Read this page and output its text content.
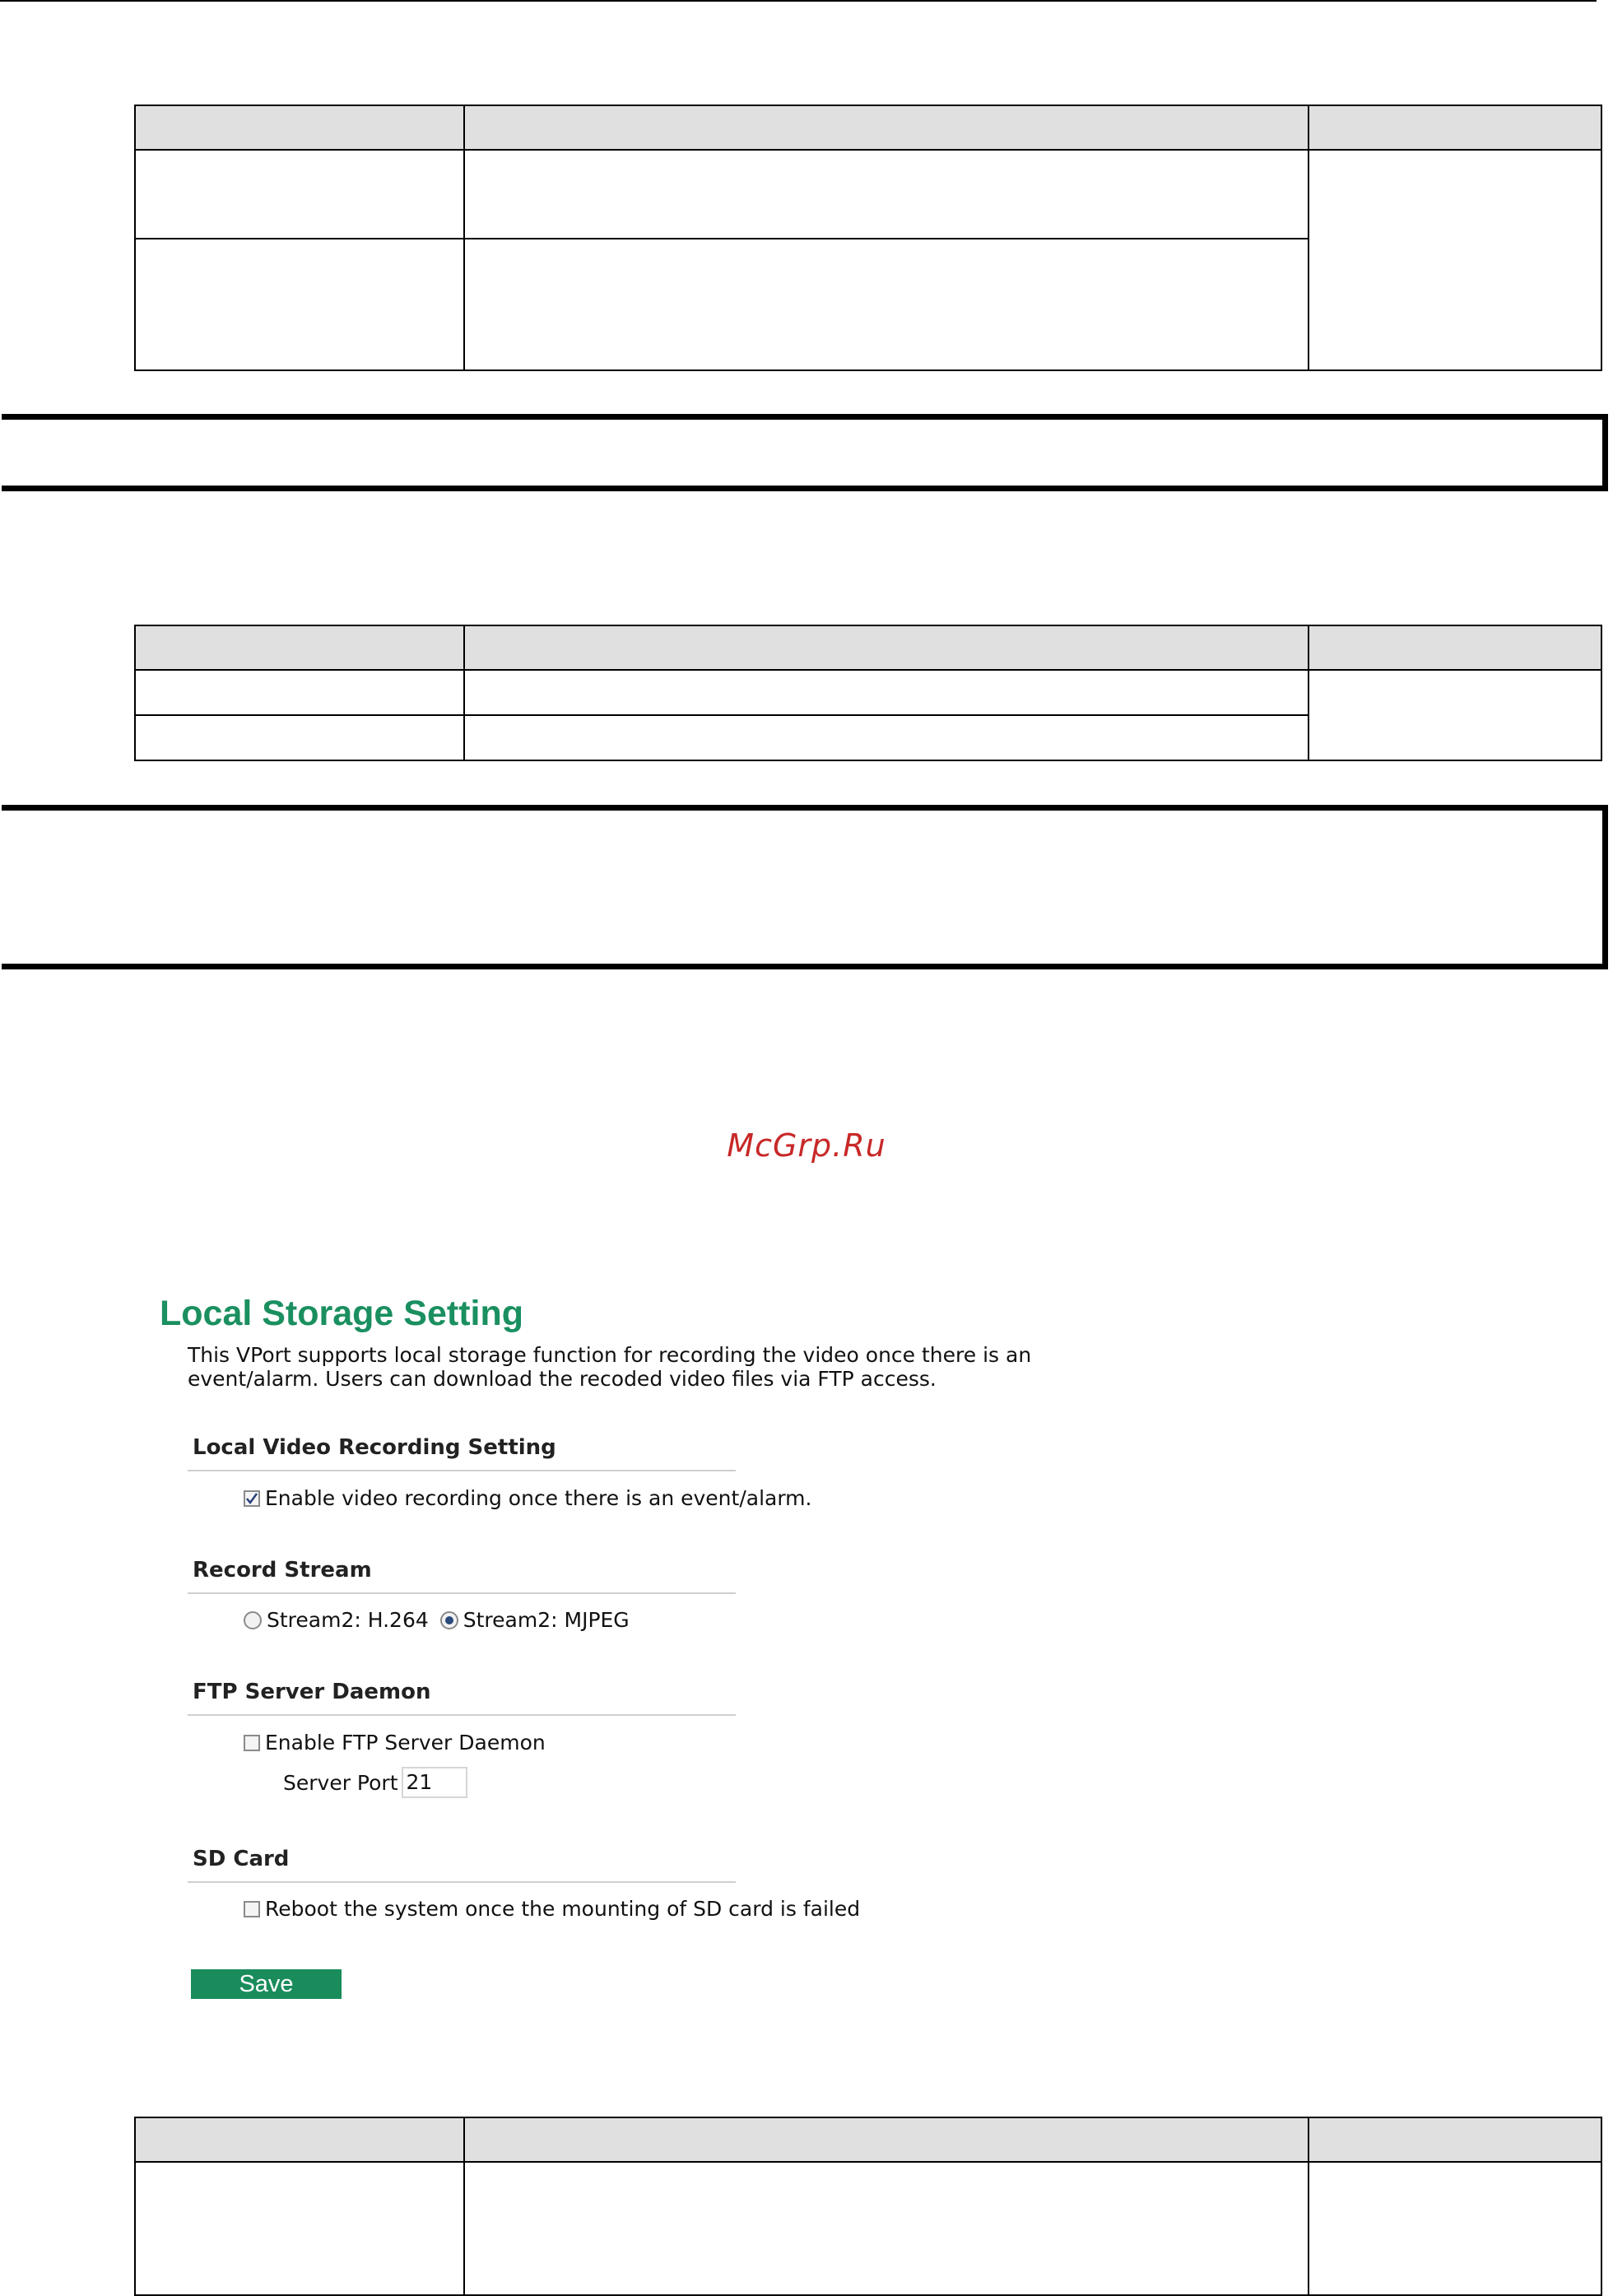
McGrp.Ru
Local Storage Setting
This VPort supports local storage function for recording the video once there is an event/alarm. Users can download the recoded video files via FTP access.
Local Video Recording Setting
Enable video recording once there is an event/alarm.
Record Stream
Stream2: H.264 Stream2: MJPEG
FTP Server Daemon
Enable FTP Server Daemon
Server Port 21
SD Card
Reboot the system once the mounting of SD card is failed
Save
